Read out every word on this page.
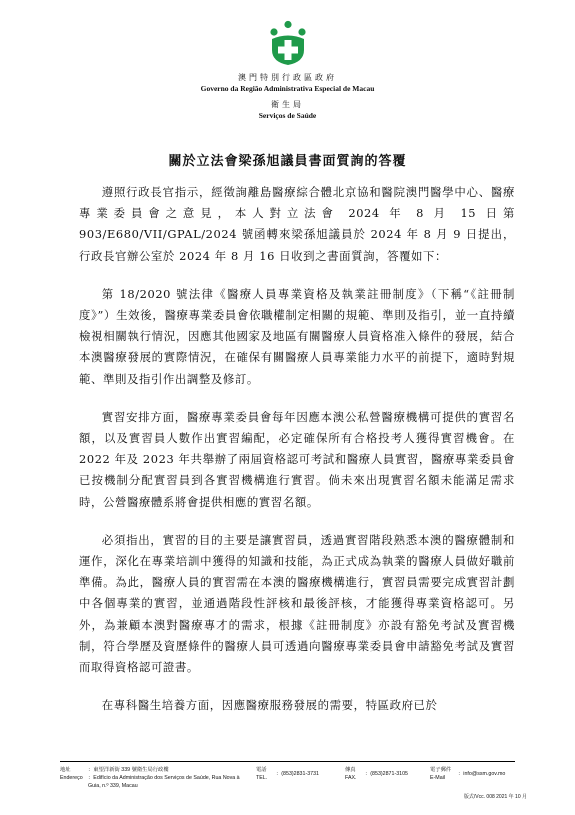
澳門特別行政區政府
Governo da Região Administrativa Especial de Macau
衛生局
Serviços de Saúde
關於立法會梁孫旭議員書面質詢的答覆

遵照行政長官指示，經徵詢離島醫療綜合體北京協和醫院澳門醫學中心、醫療專業委員會之意見，本人對立法會 2024 年 8 月 15 日第 903/E680/VII/GPAL/2024 號函轉來梁孫旭議員於 2024 年 8 月 9 日提出，行政長官辦公室於 2024 年 8 月 16 日收到之書面質詢，答覆如下：

第 18/2020 號法律《醫療人員專業資格及執業註冊制度》（下稱“《註冊制度》”）生效後，醫療專業委員會依職權制定相關的規範、準則及指引，並一直持續檢視相關執行情況，因應其他國家及地區有關醫療人員資格准入條件的發展，結合本澳醫療發展的實際情況，在確保有關醫療人員專業能力水平的前提下，適時對規範、準則及指引作出調整及修訂。

實習安排方面，醫療專業委員會每年因應本澳公私營醫療機構可提供的實習名額，以及實習員人數作出實習編配，必定確保所有合格投考人獲得實習機會。在 2022 年及 2023 年共舉辦了兩屆資格認可考試和醫療人員實習，醫療專業委員會已按機制分配實習員到各實習機構進行實習。倘未來出現實習名額未能滿足需求時，公營醫療體系將會提供相應的實習名額。

必須指出，實習的目的主要是讓實習員，透過實習階段熟悉本澳的醫療體制和運作，深化在專業培訓中獲得的知識和技能，為正式成為執業的醫療人員做好職前準備。為此，醫療人員的實習需在本澳的醫療機構進行，實習員需要完成實習計劃中各個專業的實習，並通過階段性評核和最後評核，才能獲得專業資格認可。另外，為兼顧本澳對醫療專才的需求，根據《註冊制度》亦設有豁免考試及實習機制，符合學歷及資歷條件的醫療人員可透過向醫療專業委員會申請豁免考試及實習而取得資格認可證書。

在專科醫生培養方面，因應醫療服務發展的需要，特區政府已於

地址
Endereço
：東望洋新街 339 號衛生局行政樓
：Edifício da Administração dos Serviços de Saúde, Rua Nova à Guia, n.º 339, Macau
電話
TEL.
：(853)2831-3731
傳真
FAX.
：(853)2871-3105
電子郵件
E-Mail
：info@ssm.gov.mo
版式/Vcc. 008 2021 年 10 月
